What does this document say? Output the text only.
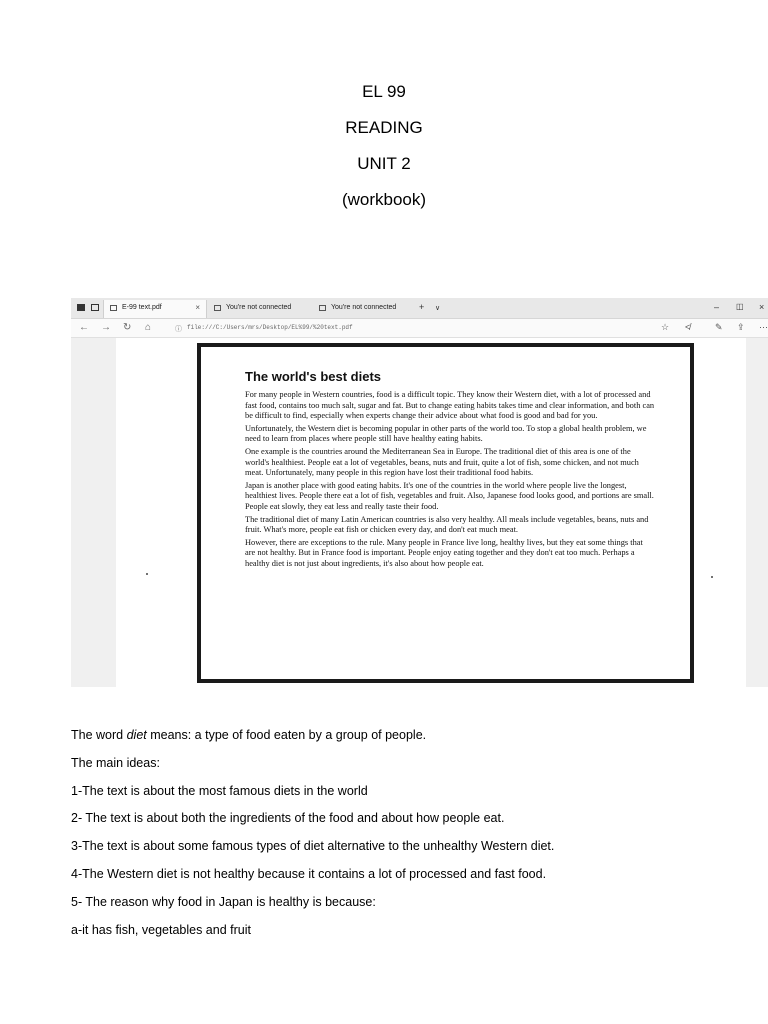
EL 99
READING
UNIT 2
(workbook)
E-99 text.pdf	×	You're not connected	You're not connected	+ ∨	– ◫ ×
← → ↻ ⌂	ⓘ file:///C:/Users/mrs/Desktop/EL%99/%20text.pdf	☆ ≮	✎ ⇪ ⋯
The world's best diets

For many people in Western countries, food is a difficult topic. They know their Western diet, with a lot of processed and fast food, contains too much salt, sugar and fat. But to change eating habits takes time and clear information, and both can be difficult to find, especially when experts change their advice about what food is good and bad for you.

Unfortunately, the Western diet is becoming popular in other parts of the world too. To stop a global health problem, we need to learn from places where people still have healthy eating habits.

One example is the countries around the Mediterranean Sea in Europe. The traditional diet of this area is one of the world's healthiest. People eat a lot of vegetables, beans, nuts and fruit, quite a lot of fish, some chicken, and not much meat. Unfortunately, many people in this region have lost their traditional food habits.

Japan is another place with good eating habits. It's one of the countries in the world where people live the longest, healthiest lives. People there eat a lot of fish, vegetables and fruit. Also, Japanese food looks good, and portions are small. People eat slowly, they eat less and really taste their food.

The traditional diet of many Latin American countries is also very healthy. All meals include vegetables, beans, nuts and fruit. What's more, people eat fish or chicken every day, and don't eat much meat.

However, there are exceptions to the rule. Many people in France live long, healthy lives, but they eat some things that are not healthy. But in France food is important. People enjoy eating together and they don't eat too much. Perhaps a healthy diet is not just about ingredients, it's also about how people eat.

The word diet means: a type of food eaten by a group of people.

The main ideas:

1-The text is about the most famous diets in the world

2- The text is about both the ingredients of the food and about how people eat.

3-The text is about some famous types of diet alternative to the unhealthy Western diet.

4-The Western diet is not healthy because it contains a lot of processed and fast food.

5- The reason why food in Japan is healthy is because:

a-it has fish, vegetables and fruit
